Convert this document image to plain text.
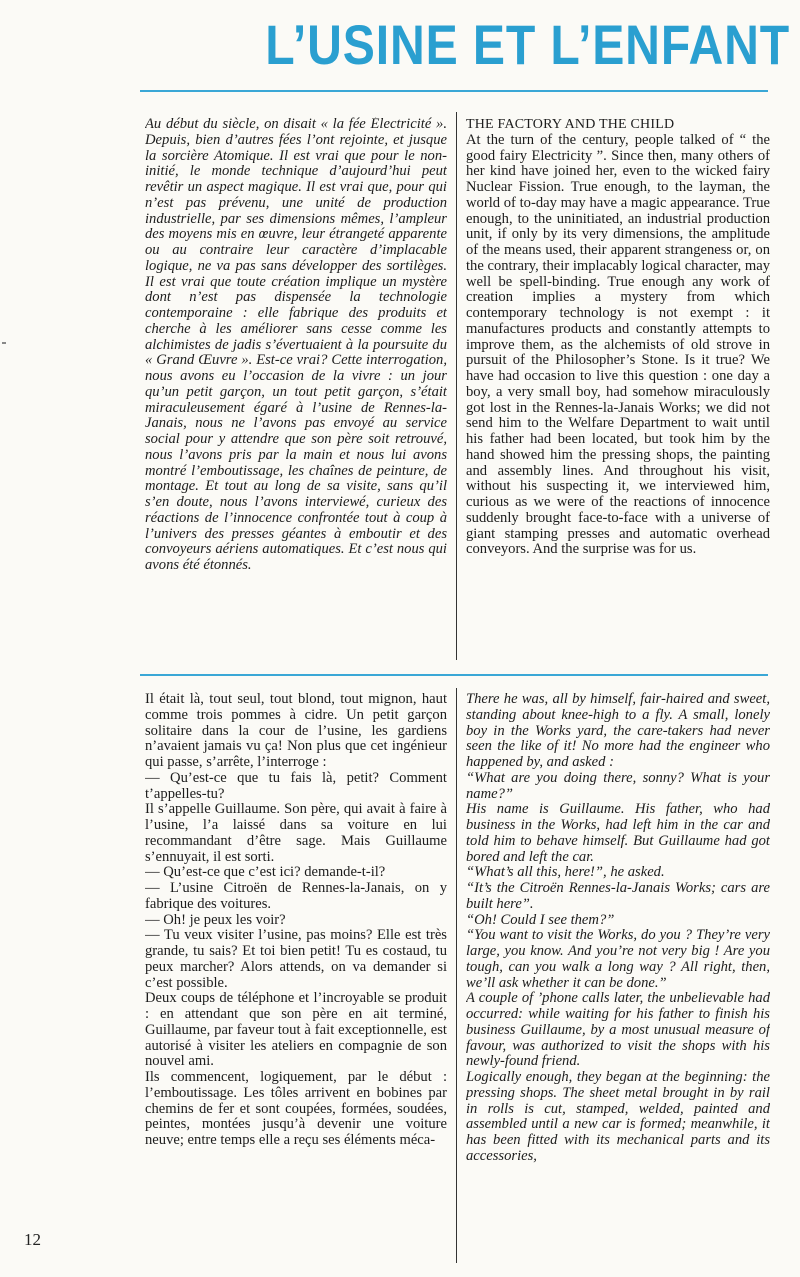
L’USINE ET L’ENFANT

Au début du siècle, on disait « la fée Électricité ». Depuis, bien d’autres fées l’ont rejointe, et jusque la sorcière Atomique. Il est vrai que pour le non-initié, le monde technique d’aujourd’hui peut revêtir un aspect magique. Il est vrai que, pour qui n’est pas prévenu, une unité de production industrielle, par ses dimensions mêmes, l’ampleur des moyens mis en œuvre, leur étrangeté apparente ou au contraire leur caractère d’implacable logique, ne va pas sans développer des sortilèges. Il est vrai que toute création implique un mystère dont n’est pas dispensée la technologie contemporaine : elle fabrique des produits et cherche à les améliorer sans cesse comme les alchimistes de jadis s’évertuaient à la poursuite du « Grand Œuvre ». Est-ce vrai? Cette interrogation, nous avons eu l’occasion de la vivre : un jour qu’un petit garçon, un tout petit garçon, s’était miraculeusement égaré à l’usine de Rennes-la-Janais, nous ne l’avons pas envoyé au service social pour y attendre que son père soit retrouvé, nous l’avons pris par la main et nous lui avons montré l’emboutissage, les chaînes de peinture, de montage. Et tout au long de sa visite, sans qu’il s’en doute, nous l’avons interviewé, curieux des réactions de l’innocence confrontée tout à coup à l’univers des presses géantes à emboutir et des convoyeurs aériens automatiques. Et c’est nous qui avons été étonnés.

THE FACTORY AND THE CHILD

At the turn of the century, people talked of “ the good fairy Electricity ”. Since then, many others of her kind have joined her, even to the wicked fairy Nuclear Fission. True enough, to the layman, the world of to-day may have a magic appearance. True enough, to the uninitiated, an industrial production unit, if only by its very dimensions, the amplitude of the means used, their apparent strangeness or, on the contrary, their implacably logical character, may well be spell-binding. True enough any work of creation implies a mystery from which contemporary technology is not exempt : it manufactures products and constantly attempts to improve them, as the alchemists of old strove in pursuit of the Philosopher’s Stone. Is it true? We have had occasion to live this question : one day a boy, a very small boy, had somehow miraculously got lost in the Rennes-la-Janais Works; we did not send him to the Welfare Department to wait until his father had been located, but took him by the hand showed him the pressing shops, the painting and assembly lines. And throughout his visit, without his suspecting it, we interviewed him, curious as we were of the reactions of innocence suddenly brought face-to-face with a universe of giant stamping presses and automatic overhead conveyors. And the surprise was for us.

Il était là, tout seul, tout blond, tout mignon, haut comme trois pommes à cidre. Un petit garçon solitaire dans la cour de l’usine, les gardiens n’avaient jamais vu ça! Non plus que cet ingénieur qui passe, s’arrête, l’interroge :

— Qu’est-ce que tu fais là, petit? Comment t’appelles-tu?

Il s’appelle Guillaume. Son père, qui avait à faire à l’usine, l’a laissé dans sa voiture en lui recommandant d’être sage. Mais Guillaume s’ennuyait, il est sorti.

— Qu’est-ce que c’est ici? demande-t-il?

— L’usine Citroën de Rennes-la-Janais, on y fabrique des voitures.

— Oh! je peux les voir?

— Tu veux visiter l’usine, pas moins? Elle est très grande, tu sais? Et toi bien petit! Tu es costaud, tu peux marcher? Alors attends, on va demander si c’est possible.

Deux coups de téléphone et l’incroyable se produit : en attendant que son père en ait terminé, Guillaume, par faveur tout à fait exceptionnelle, est autorisé à visiter les ateliers en compagnie de son nouvel ami.

Ils commencent, logiquement, par le début : l’emboutissage. Les tôles arrivent en bobines par chemins de fer et sont coupées, formées, soudées, peintes, montées jusqu’à devenir une voiture neuve; entre temps elle a reçu ses éléments méca-

There he was, all by himself, fair-haired and sweet, standing about knee-high to a fly. A small, lonely boy in the Works yard, the care-takers had never seen the like of it! No more had the engineer who happened by, and asked :

“What are you doing there, sonny? What is your name?”

His name is Guillaume. His father, who had business in the Works, had left him in the car and told him to behave himself. But Guillaume had got bored and left the car.

“What’s all this, here!”, he asked.

“It’s the Citroën Rennes-la-Janais Works; cars are built here”.

“Oh! Could I see them?”

“You want to visit the Works, do you ? They’re very large, you know. And you’re not very big ! Are you tough, can you walk a long way ? All right, then, we’ll ask whether it can be done.”

A couple of ’phone calls later, the unbelievable had occurred: while waiting for his father to finish his business Guillaume, by a most unusual measure of favour, was authorized to visit the shops with his newly-found friend.

Logically enough, they began at the beginning: the pressing shops. The sheet metal brought in by rail in rolls is cut, stamped, welded, painted and assembled until a new car is formed; meanwhile, it has been fitted with its mechanical parts and its accessories,

12
